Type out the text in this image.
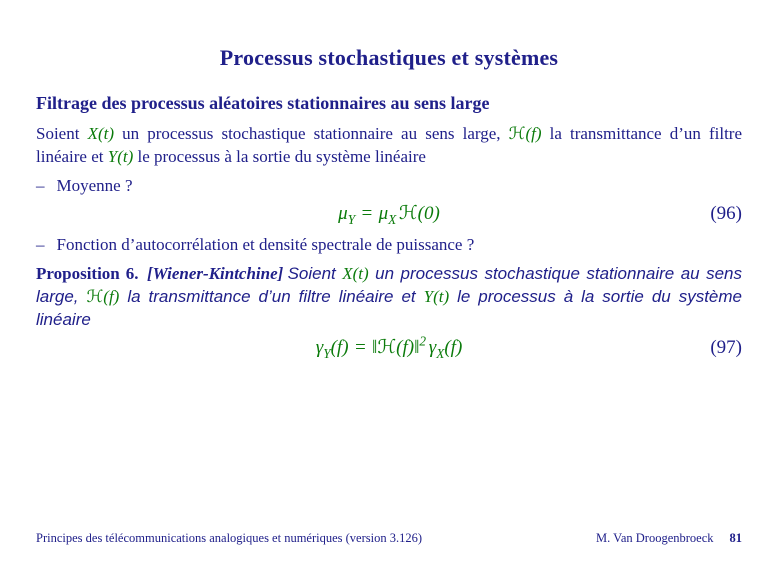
Processus stochastiques et systèmes
Filtrage des processus aléatoires stationnaires au sens large

Soient X(t) un processus stochastique stationnaire au sens large, ℋ(f) la transmittance d’un filtre linéaire et Y(t) le processus à la sortie du système linéaire

– Moyenne ?

$\mu_Y = \mu_X$ ℋ(0)	(96)

– Fonction d’autocorrélation et densité spectrale de puissance ?

Proposition 6. [Wiener-Kintchine] Soient X(t) un processus stochastique stationnaire au sens large, ℋ(f) la transmittance d’un filtre linéaire et Y(t) le processus à la sortie du système linéaire

$\gamma_Y(f)$ = ‖ℋ(f)‖$^2$ $\gamma_X(f)$	(97)
Principes des télécommunications analogiques et numériques (version 3.126)	M. Van Droogenbroeck 81
